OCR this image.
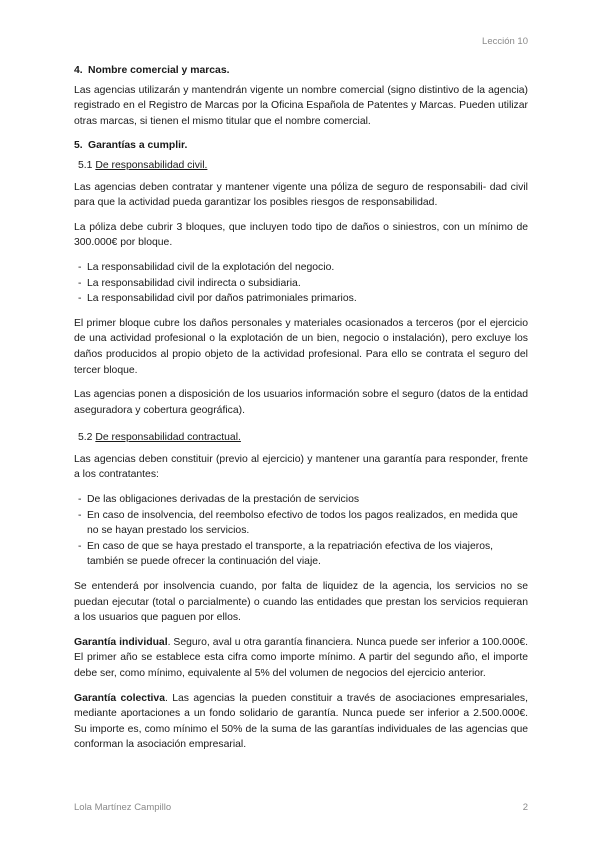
Lección 10
4. Nombre comercial y marcas.

Las agencias utilizarán y mantendrán vigente un nombre comercial (signo distintivo de la agencia) registrado en el Registro de Marcas por la Oficina Española de Patentes y Marcas. Pueden utilizar otras marcas, si tienen el mismo titular que el nombre comercial.

5. Garantías a cumplir.
5.1 De responsabilidad civil.

Las agencias deben contratar y mantener vigente una póliza de seguro de responsabili- dad civil para que la actividad pueda garantizar los posibles riesgos de responsabilidad.

La póliza debe cubrir 3 bloques, que incluyen todo tipo de daños o siniestros, con un mínimo de 300.000€ por bloque.

- La responsabilidad civil de la explotación del negocio.
- La responsabilidad civil indirecta o subsidiaria.
- La responsabilidad civil por daños patrimoniales primarios.

El primer bloque cubre los daños personales y materiales ocasionados a terceros (por el ejercicio de una actividad profesional o la explotación de un bien, negocio o instalación), pero excluye los daños producidos al propio objeto de la actividad profesional. Para ello se contrata el seguro del tercer bloque.

Las agencias ponen a disposición de los usuarios información sobre el seguro (datos de la entidad aseguradora y cobertura geográfica).

5.2 De responsabilidad contractual.

Las agencias deben constituir (previo al ejercicio) y mantener una garantía para responder, frente a los contratantes:

- De las obligaciones derivadas de la prestación de servicios
- En caso de insolvencia, del reembolso efectivo de todos los pagos realizados, en medida que no se hayan prestado los servicios.
- En caso de que se haya prestado el transporte, a la repatriación efectiva de los viajeros, también se puede ofrecer la continuación del viaje.

Se entenderá por insolvencia cuando, por falta de liquidez de la agencia, los servicios no se puedan ejecutar (total o parcialmente) o cuando las entidades que prestan los servicios requieran a los usuarios que paguen por ellos.

Garantía individual. Seguro, aval u otra garantía financiera. Nunca puede ser inferior a 100.000€. El primer año se establece esta cifra como importe mínimo. A partir del segundo año, el importe debe ser, como mínimo, equivalente al 5% del volumen de negocios del ejercicio anterior.

Garantía colectiva. Las agencias la pueden constituir a través de asociaciones empresariales, mediante aportaciones a un fondo solidario de garantía. Nunca puede ser inferior a 2.500.000€. Su importe es, como mínimo el 50% de la suma de las garantías individuales de las agencias que conforman la asociación empresarial.

Lola Martínez Campillo	2
